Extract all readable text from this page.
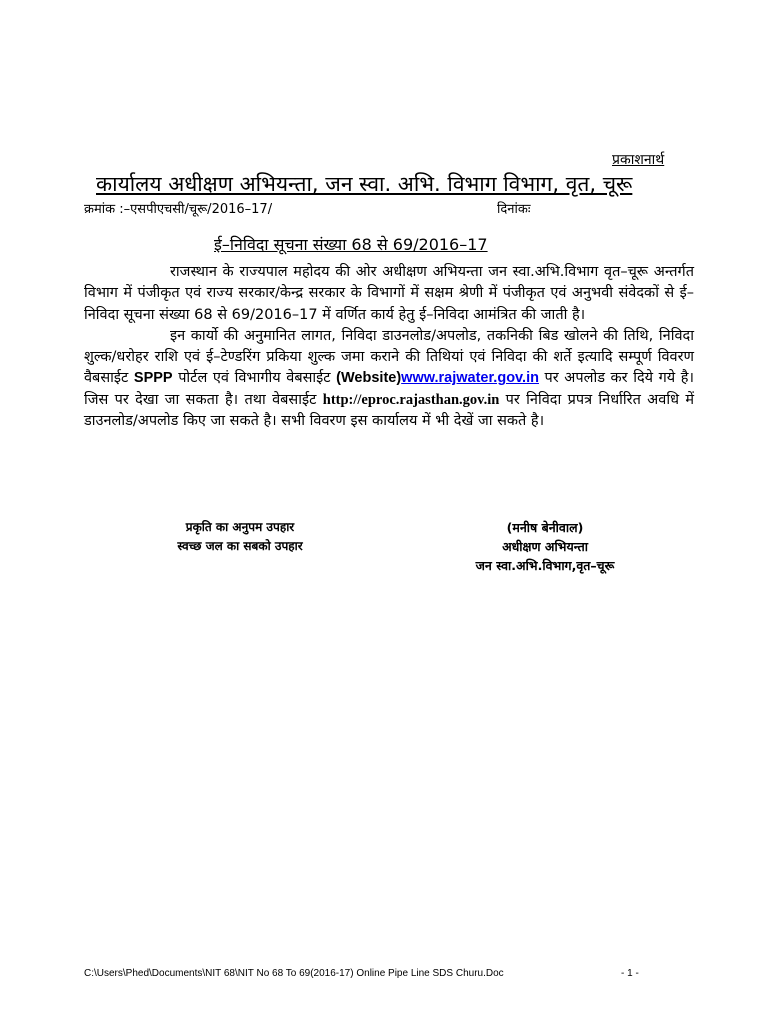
प्रकाशनार्थ
कार्यालय अधीक्षण अभियन्ता, जन स्वा. अभि. विभाग विभाग, वृत, चूरू
क्रमांक :–एसपीएचसी/चूरू/2016–17/	दिनांकः
ई–निविदा सूचना संख्या 68 से 69/2016–17

राजस्थान के राज्यपाल महोदय की ओर अधीक्षण अभियन्ता जन स्वा.अभि.विभाग वृत–चूरू अन्तर्गत विभाग में पंजीकृत एवं राज्य सरकार/केन्द्र सरकार के विभागों में सक्षम श्रेणी में पंजीकृत एवं अनुभवी संवेदकों से ई–निविदा सूचना संख्या 68 से 69/2016–17 में वर्णित कार्य हेतु ई–निविदा आमंत्रित की जाती है।

इन कार्यो की अनुमानित लागत, निविदा डाउनलोड/अपलोड, तकनिकी बिड खोलने की तिथि, निविदा शुल्क/धरोहर राशि एवं ई–टेण्डरिंग प्रकिया शुल्क जमा कराने की तिथियां एवं निविदा की शर्ते इत्यादि सम्पूर्ण विवरण वैबसाईट SPPP पोर्टल एवं विभागीय वेबसाईट (Website)www.rajwater.gov.in पर अपलोड कर दिये गये है। जिस पर देखा जा सकता है। तथा वेबसाईट http://eproc.rajasthan.gov.in पर निविदा प्रपत्र निर्धारित अवधि में डाउनलोड/अपलोड किए जा सकते है। सभी विवरण इस कार्यालय में भी देखें जा सकते है।

प्रकृति का अनुपम उपहार
स्वच्छ जल का सबको उपहार
(मनीष बेनीवाल)
अधीक्षण अभियन्ता
जन स्वा.अभि.विभाग,वृत–चूरू
C:\Users\Phed\Documents\NIT 68\NIT No 68 To 69(2016-17) Online Pipe Line SDS Churu.Doc	- 1 -
